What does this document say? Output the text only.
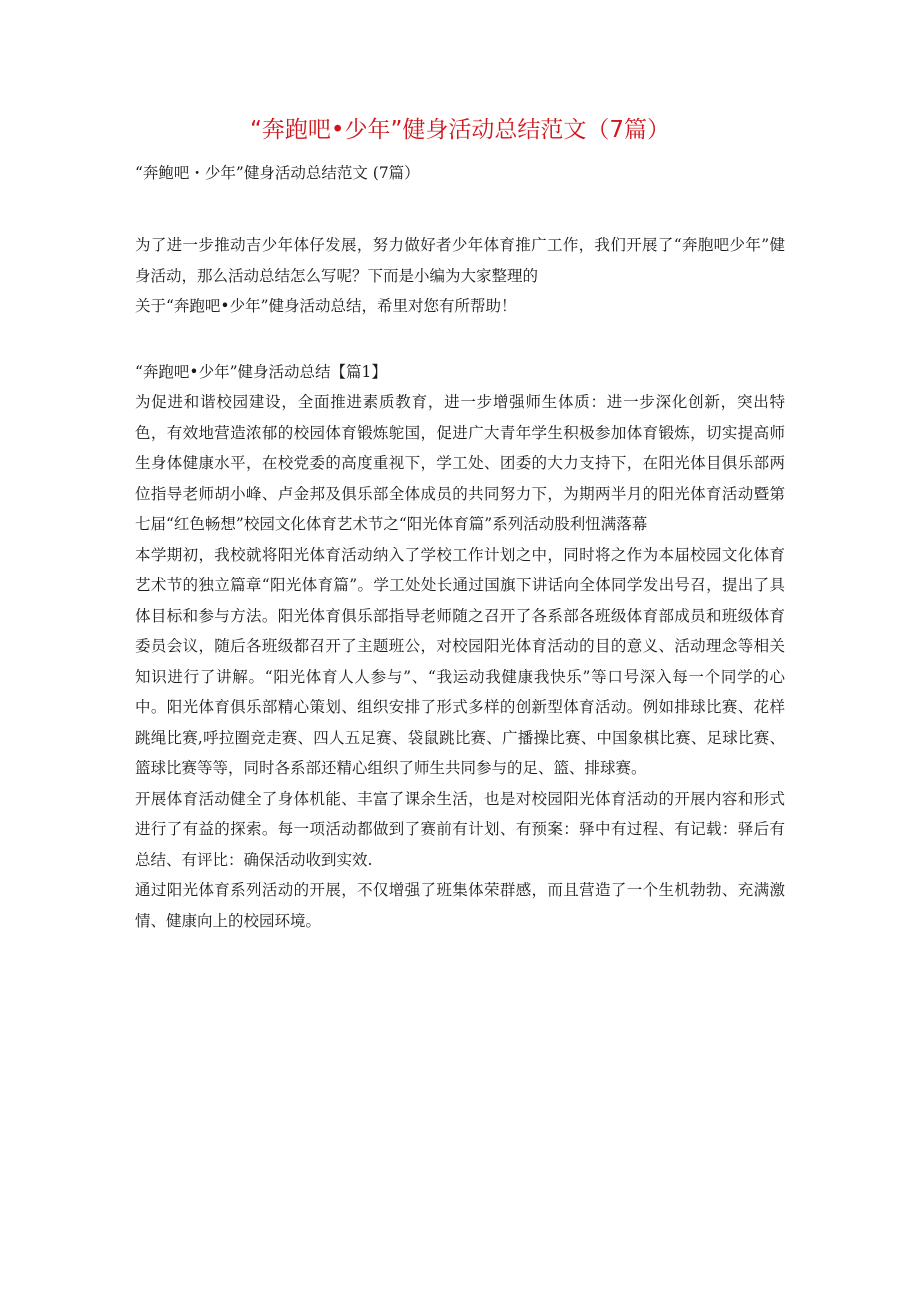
“奔跑吧•少年”健身活动总结范文（7篇）
“奔鲍吧・少年”健身活动总结范文 (7篇）

为了进一步推动吉少年体仔发展，努力做好者少年体育推广工作，我们开展了“奔胞吧少年”健身活动，那么活动总结怎么写呢？下而是小编为大家整理的

关于“奔跑吧•少年”健身活动总结，希里对您有所帮助！

“奔跑吧•少年”健身活动总结【篇1】

为促进和谐校园建设，全面推进素质教育，进一步增强师生体质：进一步深化创新，突出特色，有效地营造浓郁的校园体育锻炼鸵国，促进广大青年学生积极参加体育锻炼，切实提高师生身体健康水平，在校党委的高度重视下，学工处、团委的大力支持下，在阳光体目俱乐部两位指导老师胡小峰、卢金邦及俱乐部全体成员的共同努力下，为期两半月的阳光体育活动暨第七届“红色畅想”校园文化体育艺术节之“阳光体育篇”系列活动股利忸满落幕

本学期初，我校就将阳光体育活动纳入了学校工作计划之中，同时将之作为本届校园文化体育艺术节的独立篇章“阳光体育篇”。学工处处长通过国旗下讲话向全体同学发出号召，提出了具体目标和参与方法。阳光体育俱乐部指导老师随之召开了各系部各班级体育部成员和班级体育委员会议，随后各班级都召开了主题班公，对校园阳光体育活动的目的意义、活动理念等相关知识进行了讲解。“阳光体育人人参与”、“我运动我健康我快乐”等口号深入每一个同学的心中。阳光体育俱乐部精心策划、组织安排了形式多样的创新型体育活动。例如排球比赛、花样跳绳比赛,呼拉圈竞走赛、四人五足赛、袋鼠跳比赛、广播操比赛、中国象棋比赛、足球比赛、篮球比赛等等，同时各系部还精心组织了师生共同参与的足、篮、排球赛。

开展体育活动健全了身体机能、丰富了课余生活，也是对校园阳光体育活动的开展内容和形式进行了有益的探索。每一项活动都做到了赛前有计划、有预案：驿中有过程、有记载：驿后有总结、有评比：确保活动收到实效.

通过阳光体育系列活动的开展，不仅增强了班集体荣群感，而且营造了一个生机勃勃、充满激情、健康向上的校园环境。
